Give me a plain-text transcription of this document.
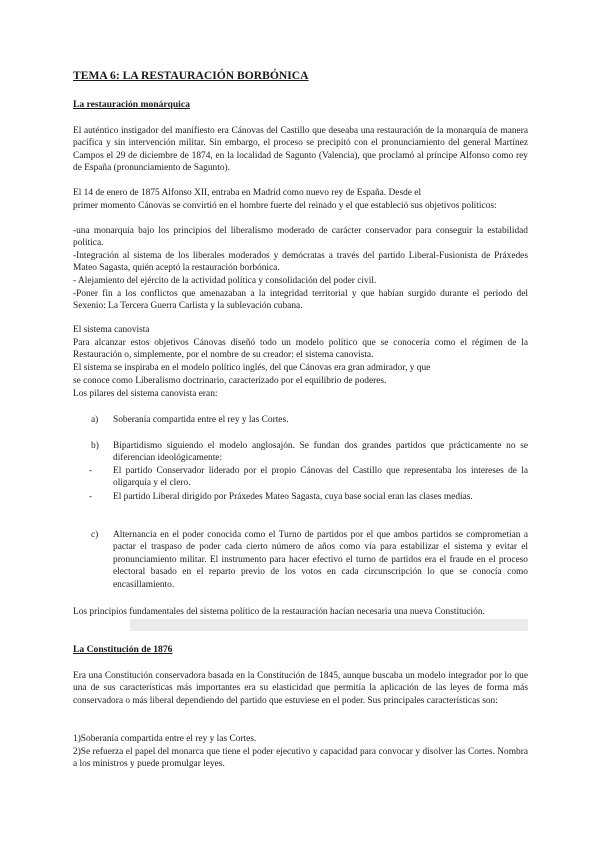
TEMA 6: LA RESTAURACIÓN BORBÓNICA
La restauración monárquica
El auténtico instigador del manifiesto era Cánovas del Castillo que deseaba una restauración de la monarquía de manera pacífica y sin intervención militar. Sin embargo, el proceso se precipitó con el pronunciamiento del general Martínez Campos el 29 de diciembre de 1874, en la localidad de Sagunto (Valencia), que proclamó al príncipe Alfonso como rey de España (pronunciamiento de Sagunto).
El 14 de enero de 1875 Alfonso XII, entraba en Madrid como nuevo rey de España. Desde el
primer momento Cánovas se convirtió en el hombre fuerte del reinado y el que estableció sus objetivos políticos:
-una monarquía bajo los principios del liberalismo moderado de carácter conservador para conseguir la estabilidad política.
-Integración al sistema de los liberales moderados y demócratas a través del partido Liberal-Fusionista de Práxedes Mateo Sagasta, quién aceptó la restauración borbónica.
- Alejamiento del ejército de la actividad política y consolidación del poder civil.
-Poner fin a los conflictos que amenazaban a la integridad territorial y que habían surgido durante el periodo del Sexenio: La Tercera Guerra Carlista y la sublevación cubana.
El sistema canovista
Para alcanzar estos objetivos Cánovas diseñó todo un modelo político que se conocería como el régimen de la Restauración o, simplemente, por el nombre de su creador: el sistema canovista.
El sistema se inspiraba en el modelo político inglés, del que Cánovas era gran admirador, y que
se conoce como Liberalismo doctrinario, caracterizado por el equilibrio de poderes.
Los pilares del sistema canovista eran:
a) Soberanía compartida entre el rey y las Cortes.
b) Bipartidismo siguiendo el modelo anglosajón. Se fundan dos grandes partidos que prácticamente no se diferencian ideológicamente:
- El partido Conservador liderado por el propio Cánovas del Castillo que representaba los intereses de la oligarquía y el clero.
- El partido Liberal dirigido por Práxedes Mateo Sagasta, cuya base social eran las clases medias.
c) Alternancia en el poder conocida como el Turno de partidos por el que ambos partidos se comprometían a pactar el traspaso de poder cada cierto número de años como vía para estabilizar el sistema y evitar el pronunciamiento militar. El instrumento para hacer efectivo el turno de partidos era el fraude en el proceso electoral basado en el reparto previo de los votos en cada circunscripción lo que se conocía como encasillamiento.
Los principios fundamentales del sistema político de la restauración hacían necesaria una nueva Constitución.
La Constitución de 1876
Era una Constitución conservadora basada en la Constitución de 1845, aunque buscaba un modelo integrador por lo que una de sus características más importantes era su elasticidad que permitía la aplicación de las leyes de forma más conservadora o más liberal dependiendo del partido que estuviese en el poder. Sus principales características son:
1)Soberanía compartida entre el rey y las Cortes.
2)Se refuerza el papel del monarca que tiene el poder ejecutivo y capacidad para convocar y disolver las Cortes. Nombra a los ministros y puede promulgar leyes.
